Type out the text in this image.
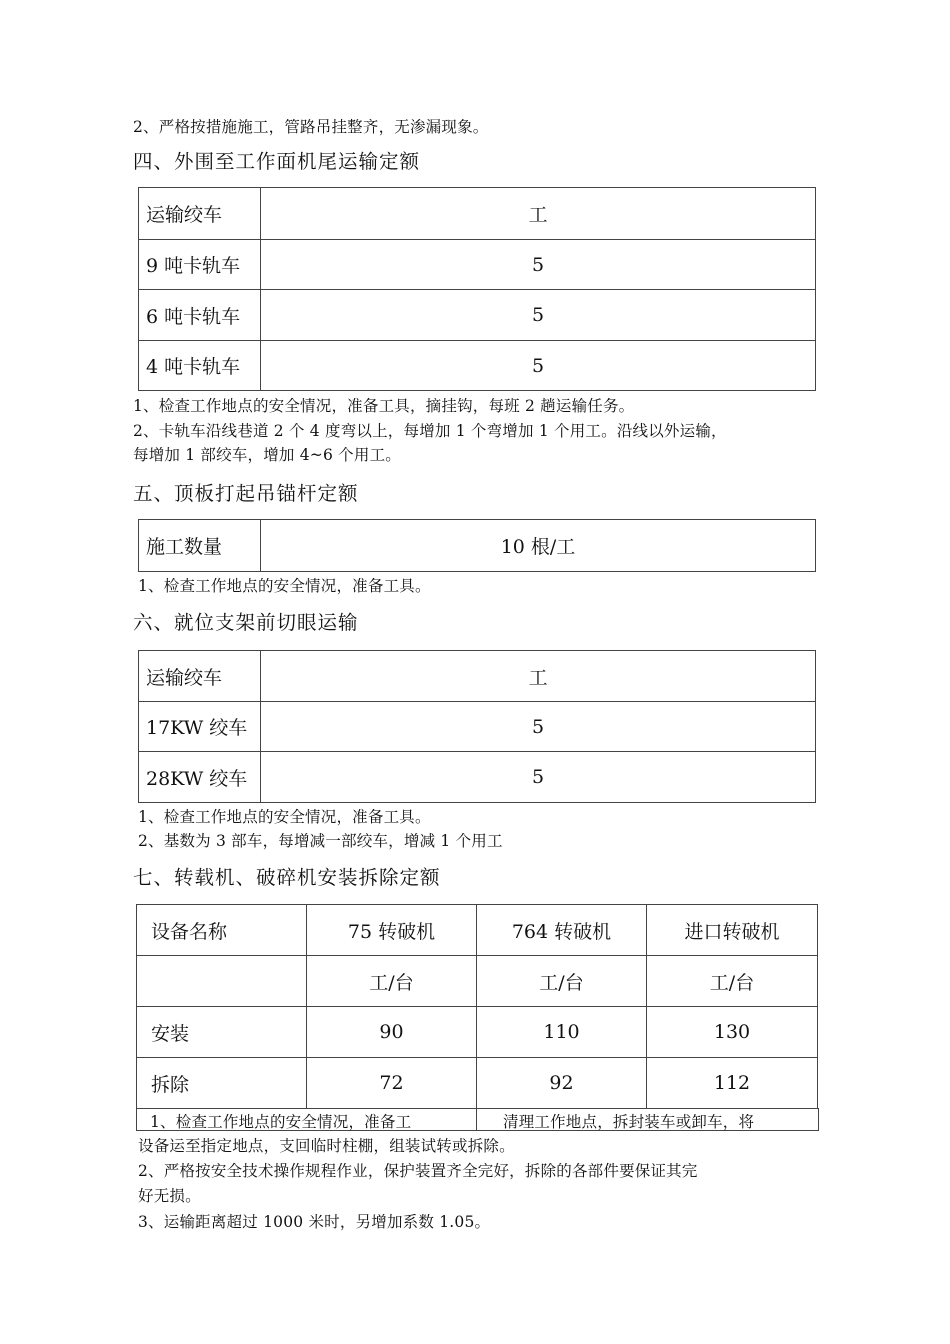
2、严格按措施施工，管路吊挂整齐，无渗漏现象。
四、外围至工作面机尾运输定额
运输绞车	工
9 吨卡轨车	5
6 吨卡轨车	5
4 吨卡轨车	5
1、检查工作地点的安全情况，准备工具，摘挂钩，每班 2 趟运输任务。
2、卡轨车沿线巷道 2 个 4 度弯以上，每增加 1 个弯增加 1 个用工。沿线以外运输，
每增加 1 部绞车，增加 4~6 个用工。
五、顶板打起吊锚杆定额
施工数量	10 根/工
1、检查工作地点的安全情况，准备工具。
六、就位支架前切眼运输
运输绞车	工
17KW 绞车	5
28KW 绞车	5
1、检查工作地点的安全情况，准备工具。
2、基数为 3 部车，每增减一部绞车，增减 1 个用工
七、转载机、破碎机安装拆除定额
设备名称	75 转破机	764 转破机	进口转破机
	工/台	工/台	工/台
安装	90	110	130
拆除	72	92	112
1、检查工作地点的安全情况，准备工	清理工作地点，拆封装车或卸车，将
设备运至指定地点，支回临时柱棚，组装试转或拆除。
2、严格按安全技术操作规程作业，保护装置齐全完好，拆除的各部件要保证其完
好无损。
3、运输距离超过 1000 米时，另增加系数 1.05。
